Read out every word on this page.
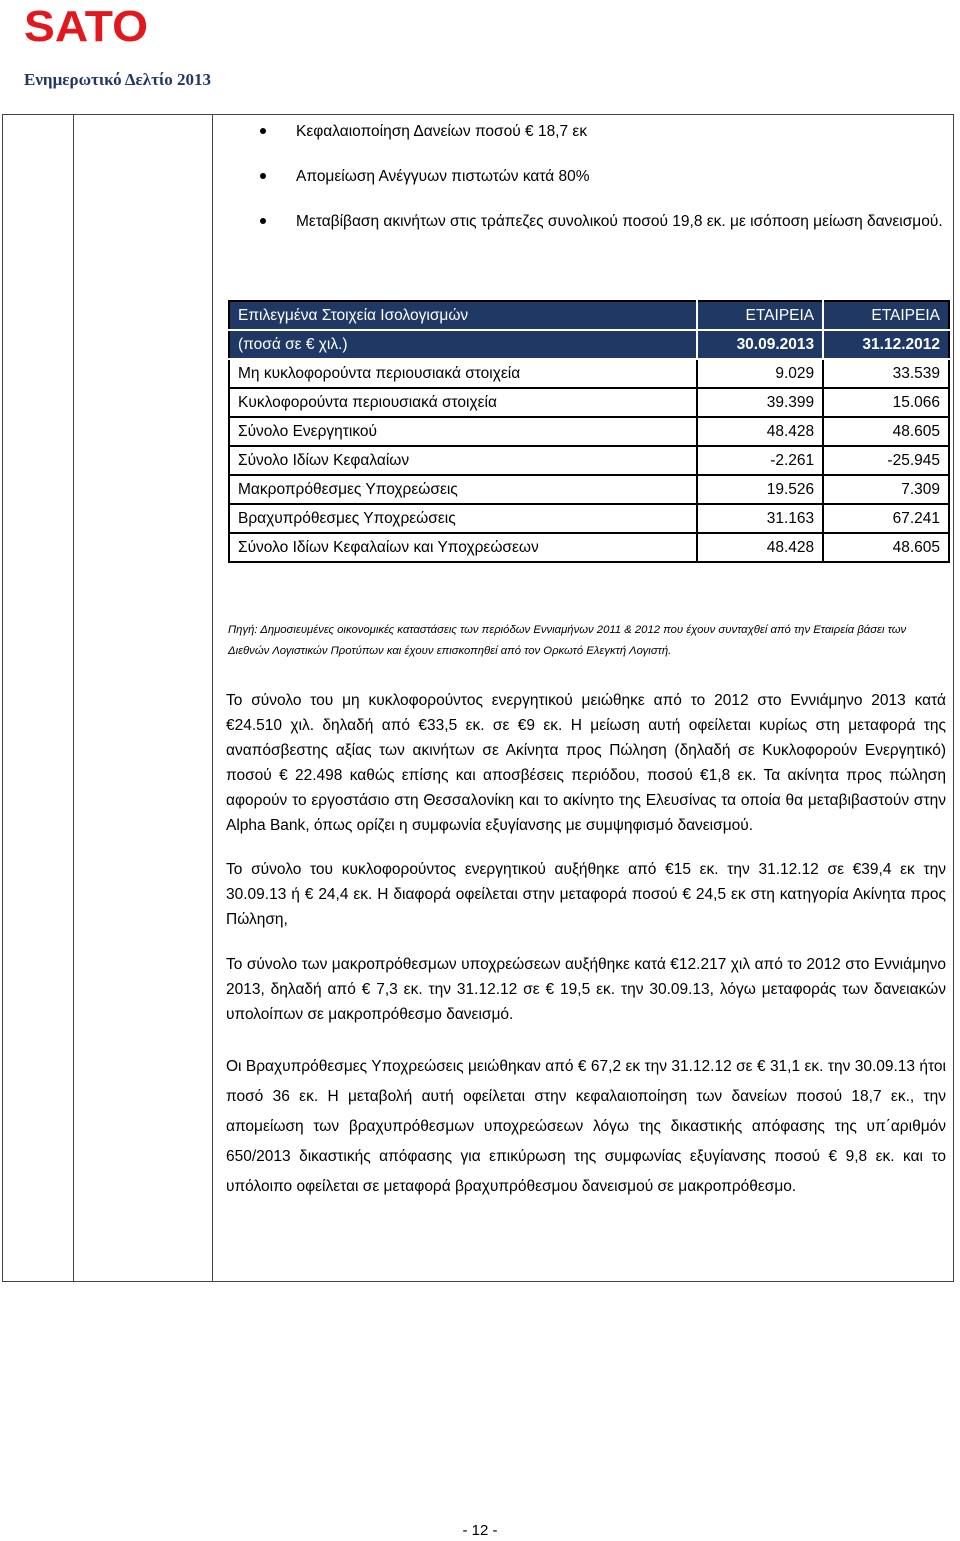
SATO
Ενημερωτικό Δελτίο 2013
Κεφαλαιοποίηση Δανείων ποσού € 18,7 εκ
Απομείωση Ανέγγυων πιστωτών κατά 80%
Μεταβίβαση ακινήτων στις τράπεζες συνολικού ποσού 19,8 εκ. με ισόποση μείωση δανεισμού.
Επιλεγμένα Στοιχεία Ισολογισμών	ΕΤΑΙΡΕΙΑ	ΕΤΑΙΡΕΙΑ
(ποσά σε € χιλ.)	30.09.2013	31.12.2012
Μη κυκλοφορούντα περιουσιακά στοιχεία	9.029	33.539
Κυκλοφορούντα περιουσιακά στοιχεία	39.399	15.066
Σύνολο Ενεργητικού	48.428	48.605
Σύνολο Ιδίων Κεφαλαίων	-2.261	-25.945
Μακροπρόθεσμες Υποχρεώσεις	19.526	7.309
Βραχυπρόθεσμες Υποχρεώσεις	31.163	67.241
Σύνολο Ιδίων Κεφαλαίων και Υποχρεώσεων	48.428	48.605
Πηγή: Δημοσιευμένες οικονομικές καταστάσεις των περιόδων Εννιαμήνων 2011 & 2012 που έχουν συνταχθεί από την Εταιρεία βάσει των Διεθνών Λογιστικών Προτύπων και έχουν επισκοπηθεί από τον Ορκωτό Ελεγκτή Λογιστή.
Το σύνολο του μη κυκλοφορούντος ενεργητικού μειώθηκε από το 2012 στο Εννιάμηνο 2013 κατά €24.510 χιλ. δηλαδή από €33,5 εκ. σε €9 εκ. Η μείωση αυτή οφείλεται κυρίως στη μεταφορά της αναπόσβεστης αξίας των ακινήτων σε Ακίνητα προς Πώληση (δηλαδή σε Κυκλοφορούν Ενεργητικό) ποσού € 22.498 καθώς επίσης και αποσβέσεις περιόδου, ποσού €1,8 εκ. Τα ακίνητα προς πώληση αφορούν το εργοστάσιο στη Θεσσαλονίκη και το ακίνητο της Ελευσίνας τα οποία θα μεταβιβαστούν στην Alpha Bank, όπως ορίζει η συμφωνία εξυγίανσης με συμψηφισμό δανεισμού.
Το σύνολο του κυκλοφορούντος ενεργητικού αυξήθηκε από €15 εκ. την 31.12.12 σε €39,4 εκ την 30.09.13 ή € 24,4 εκ. Η διαφορά οφείλεται στην μεταφορά ποσού € 24,5 εκ στη κατηγορία Ακίνητα προς Πώληση,
Το σύνολο των μακροπρόθεσμων υποχρεώσεων αυξήθηκε κατά €12.217 χιλ από το 2012 στο Εννιάμηνο 2013, δηλαδή από € 7,3 εκ. την 31.12.12 σε € 19,5 εκ. την 30.09.13, λόγω μεταφοράς των δανειακών υπολοίπων σε μακροπρόθεσμο δανεισμό.
Οι Βραχυπρόθεσμες Υποχρεώσεις μειώθηκαν από € 67,2 εκ την 31.12.12 σε € 31,1 εκ. την 30.09.13 ήτοι ποσό 36 εκ. Η μεταβολή αυτή οφείλεται στην κεφαλαιοποίηση των δανείων ποσού 18,7 εκ., την απομείωση των βραχυπρόθεσμων υποχρεώσεων λόγω της δικαστικής απόφασης της υπ΄αριθμόν 650/2013 δικαστικής απόφασης για επικύρωση της συμφωνίας εξυγίανσης ποσού € 9,8 εκ. και το υπόλοιπο οφείλεται σε μεταφορά βραχυπρόθεσμου δανεισμού σε μακροπρόθεσμο.
- 12 -
